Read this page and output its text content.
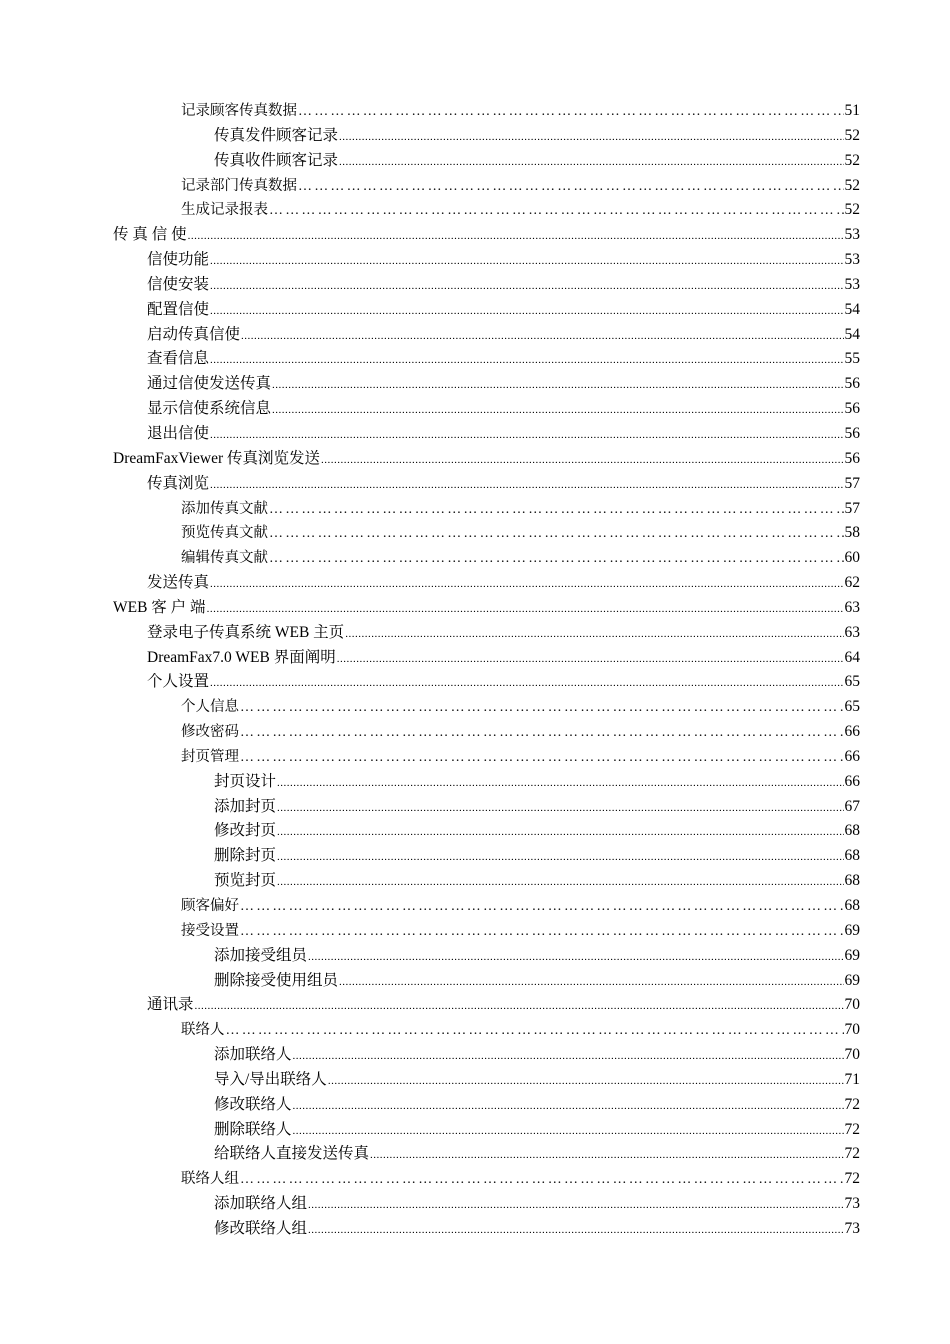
记录顾客传真数据 ………………………………………………………………………………………………………………………………………………………………………………………………………………………………	51
传真发件顾客记录 .....	52
传真收件顾客记录 .....	52
记录部门传真数据 ………………………………………………………………………………………………………………………………………………………………………………………………………………………………	52
生成记录报表 ………………………………………………………………………………………………………………………………………………………………………………………………………………………………	52
传 真 信 使 .....	53
信使功能 .....	53
信使安装 .....	53
配置信使 .....	54
启动传真信使 .....	54
查看信息 .....	55
通过信使发送传真 .....	56
显示信使系统信息 .....	56
退出信使 .....	56
DreamFaxViewer 传真浏览发送 .....	56
传真浏览 .....	57
添加传真文献 ………………………………………………………………………………………………………………………………………………………………………………………………………………………………	57
预览传真文献 ………………………………………………………………………………………………………………………………………………………………………………………………………………………………	58
编辑传真文献 ………………………………………………………………………………………………………………………………………………………………………………………………………………………………	60
发送传真 .....	62
WEB 客 户 端 .....	63
登录电子传真系统 WEB 主页 .....	63
DreamFax7.0 WEB 界面阐明 .....	64
个人设置 .....	65
个人信息 ………………………………………………………………………………………………………………………………………………………………………………………………………………………………	65
修改密码 ………………………………………………………………………………………………………………………………………………………………………………………………………………………………	66
封页管理 ………………………………………………………………………………………………………………………………………………………………………………………………………………………………	66
封页设计 .....	66
添加封页 .....	67
修改封页 .....	68
删除封页 .....	68
预览封页 .....	68
顾客偏好 ………………………………………………………………………………………………………………………………………………………………………………………………………………………………	68
接受设置 ………………………………………………………………………………………………………………………………………………………………………………………………………………………………	69
添加接受组员 .....	69
删除接受使用组员 .....	69
通讯录 .....	70
联络人 ………………………………………………………………………………………………………………………………………………………………………………………………………………………………	70
添加联络人 .....	70
导入/导出联络人 .....	71
修改联络人 .....	72
删除联络人 .....	72
给联络人直接发送传真 .....	72
联络人组 ………………………………………………………………………………………………………………………………………………………………………………………………………………………………	72
添加联络人组 .....	73
修改联络人组 .....	73
